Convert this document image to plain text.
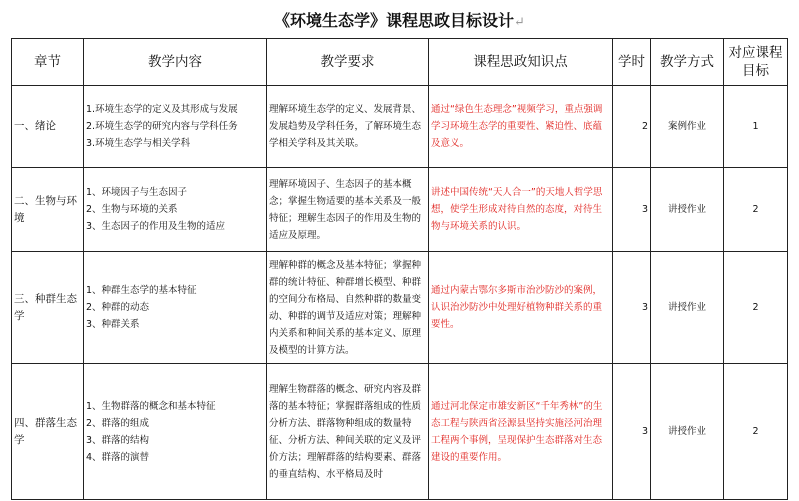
《环境生态学》课程思政目标设计↵
章节	教学内容	教学要求	课程思政知识点	学时	教学方式	对应课程目标
一、绪论	1.环境生态学的定义及其形成与发展
2.环境生态学的研究内容与学科任务
3.环境生态学与相关学科	理解环境生态学的定义、发展背景、发展趋势及学科任务，了解环境生态学相关学科及其关联。	通过“绿色生态理念”视频学习，重点强调学习环境生态学的重要性、紧迫性、底蕴及意义。	2	案例作业	1
二、生物与环境	1、环境因子与生态因子
2、生物与环境的关系
3、生态因子的作用及生物的适应	理解环境因子、生态因子的基本概念；掌握生物适要的基本关系及一般特征；理解生态因子的作用及生物的适应及原理。	讲述中国传统“天人合一”的天地人哲学思想，使学生形成对待自然的态度，对待生物与环境关系的认识。	3	讲授作业	2
三、种群生态学	1、种群生态学的基本特征
2、种群的动态
3、种群关系	理解种群的概念及基本特征；掌握种群的统计特征、种群增长模型、种群的空间分布格局、自然种群的数量变动、种群的调节及适应对策；理解种内关系和种间关系的基本定义、原理及模型的计算方法。	通过内蒙古鄂尔多斯市治沙防沙的案例，认识治沙防沙中处理好植物种群关系的重要性。	3	讲授作业	2
四、群落生态学	1、生物群落的概念和基本特征
2、群落的组成
3、群落的结构
4、群落的演替	理解生物群落的概念、研究内容及群落的基本特征；掌握群落组成的性质分析方法、群落物种组成的数量特征、分析方法、种间关联的定义及评价方法；理解群落的结构要素、群落的垂直结构、水平格局及时	通过河北保定市雄安新区“千年秀林”的生态工程与陕西省泾源县坚持实施泾河治理工程两个事例，呈现保护生态群落对生态建设的重要作用。	3	讲授作业	2
